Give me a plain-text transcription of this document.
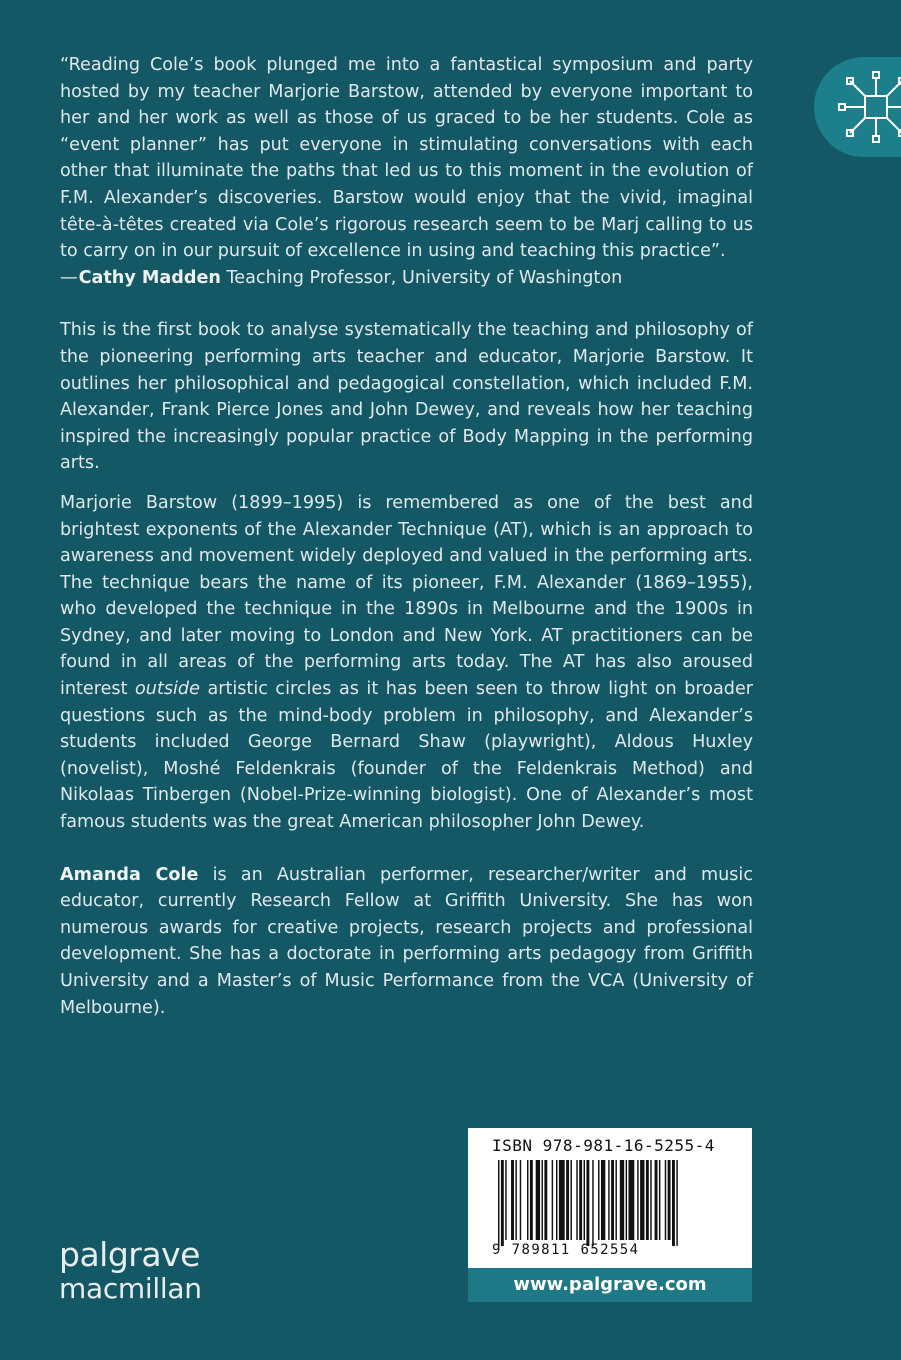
“Reading Cole’s book plunged me into a fantastical symposium and party hosted by my teacher Marjorie Barstow, attended by everyone important to her and her work as well as those of us graced to be her students. Cole as “event planner” has put everyone in stimulating conversations with each other that illuminate the paths that led us to this moment in the evolution of F.M. Alexander’s discoveries. Barstow would enjoy that the vivid, imaginal tête-à-têtes created via Cole’s rigorous research seem to be Marj calling to us to carry on in our pursuit of excellence in using and teaching this practice”.

—Cathy Madden Teaching Professor, University of Washington

This is the first book to analyse systematically the teaching and philosophy of the pioneering performing arts teacher and educator, Marjorie Barstow. It outlines her philosophical and pedagogical constellation, which included F.M. Alexander, Frank Pierce Jones and John Dewey, and reveals how her teaching inspired the increasingly popular practice of Body Mapping in the performing arts.

Marjorie Barstow (1899–1995) is remembered as one of the best and brightest exponents of the Alexander Technique (AT), which is an approach to awareness and movement widely deployed and valued in the performing arts. The technique bears the name of its pioneer, F.M. Alexander (1869–1955), who developed the technique in the 1890s in Melbourne and the 1900s in Sydney, and later moving to London and New York. AT practitioners can be found in all areas of the performing arts today. The AT has also aroused interest outside artistic circles as it has been seen to throw light on broader questions such as the mind-body problem in philosophy, and Alexander’s students included George Bernard Shaw (playwright), Aldous Huxley (novelist), Moshé Feldenkrais (founder of the Feldenkrais Method) and Nikolaas Tinbergen (Nobel-Prize-winning biologist). One of Alexander’s most famous students was the great American philosopher John Dewey.

Amanda Cole is an Australian performer, researcher/writer and music educator, currently Research Fellow at Griffith University. She has won numerous awards for creative projects, research projects and professional development. She has a doctorate in performing arts pedagogy from Griffith University and a Master’s of Music Performance from the VCA (University of Melbourne).

palgrave
macmillan
ISBN 978-981-16-5255-4
9 789811 652554
www.palgrave.com
